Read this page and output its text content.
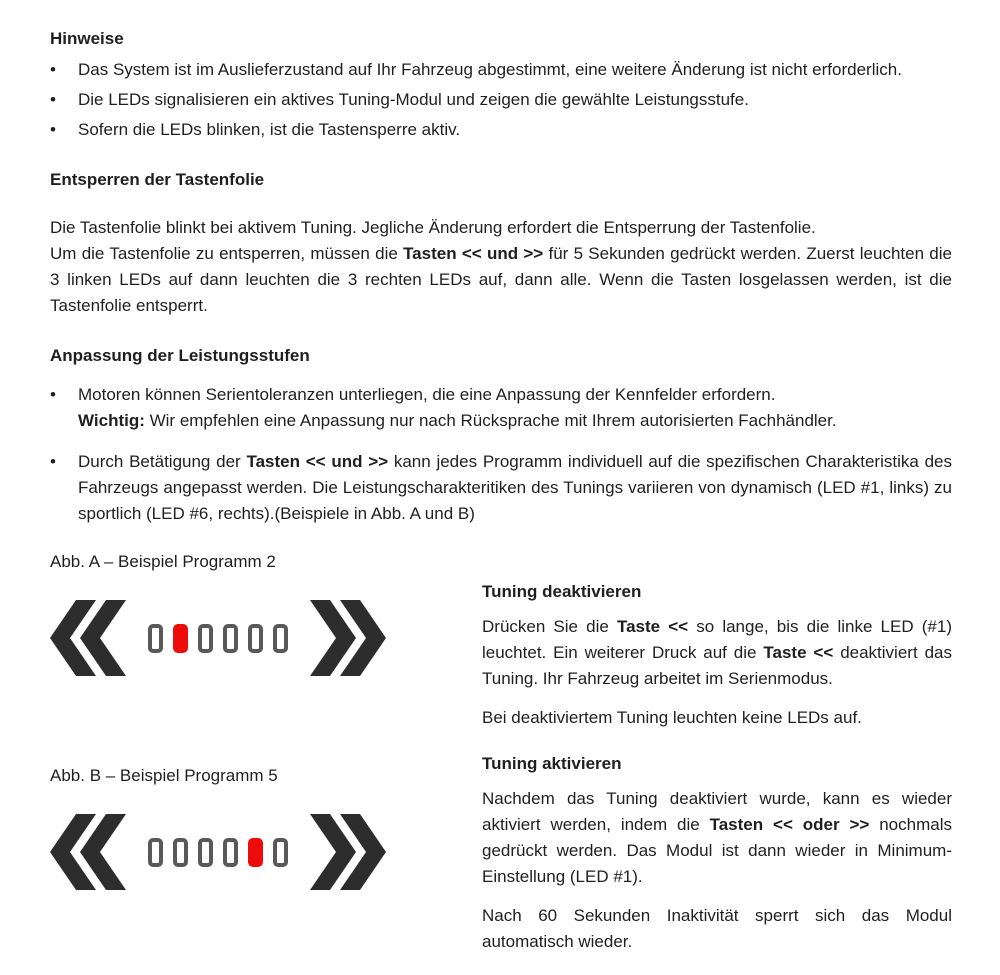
Hinweise
•	Das System ist im Auslieferzustand auf Ihr Fahrzeug abgestimmt, eine weitere Änderung ist nicht erforderlich.
•	Die LEDs signalisieren ein aktives Tuning-Modul und zeigen die gewählte Leistungsstufe.
•	Sofern die LEDs blinken, ist die Tastensperre aktiv.
Entsperren der Tastenfolie
Die Tastenfolie blinkt bei aktivem Tuning. Jegliche Änderung erfordert die Entsperrung der Tastenfolie.
Um die Tastenfolie zu entsperren, müssen die Tasten << und >> für 5 Sekunden gedrückt werden. Zuerst leuchten die 3 linken LEDs auf dann leuchten die 3 rechten LEDs auf, dann alle. Wenn die Tasten losgelassen werden, ist die Tastenfolie entsperrt.
Anpassung der Leistungsstufen
•	Motoren können Serientoleranzen unterliegen, die eine Anpassung der Kennfelder erfordern.
Wichtig: Wir empfehlen eine Anpassung nur nach Rücksprache mit Ihrem autorisierten Fachhändler.
•	Durch Betätigung der Tasten << und >> kann jedes Programm individuell auf die spezifischen Charakteristika des Fahrzeugs angepasst werden. Die Leistungscharakteritiken des Tunings variieren von dynamisch (LED #1, links) zu sportlich (LED #6, rechts).(Beispiele in Abb. A und B)
Abb. A – Beispiel Programm 2
Abb. B – Beispiel Programm 5
Tuning deaktivieren
Drücken Sie die Taste << so lange, bis die linke LED (#1) leuchtet. Ein weiterer Druck auf die Taste << deaktiviert das Tuning. Ihr Fahrzeug arbeitet im Serienmodus.
Bei deaktiviertem Tuning leuchten keine LEDs auf.
Tuning aktivieren
Nachdem das Tuning deaktiviert wurde, kann es wieder aktiviert werden, indem die Tasten << oder >> nochmals gedrückt werden. Das Modul ist dann wieder in Minimum-Einstellung (LED #1).
Nach 60 Sekunden Inaktivität sperrt sich das Modul automatisch wieder.
